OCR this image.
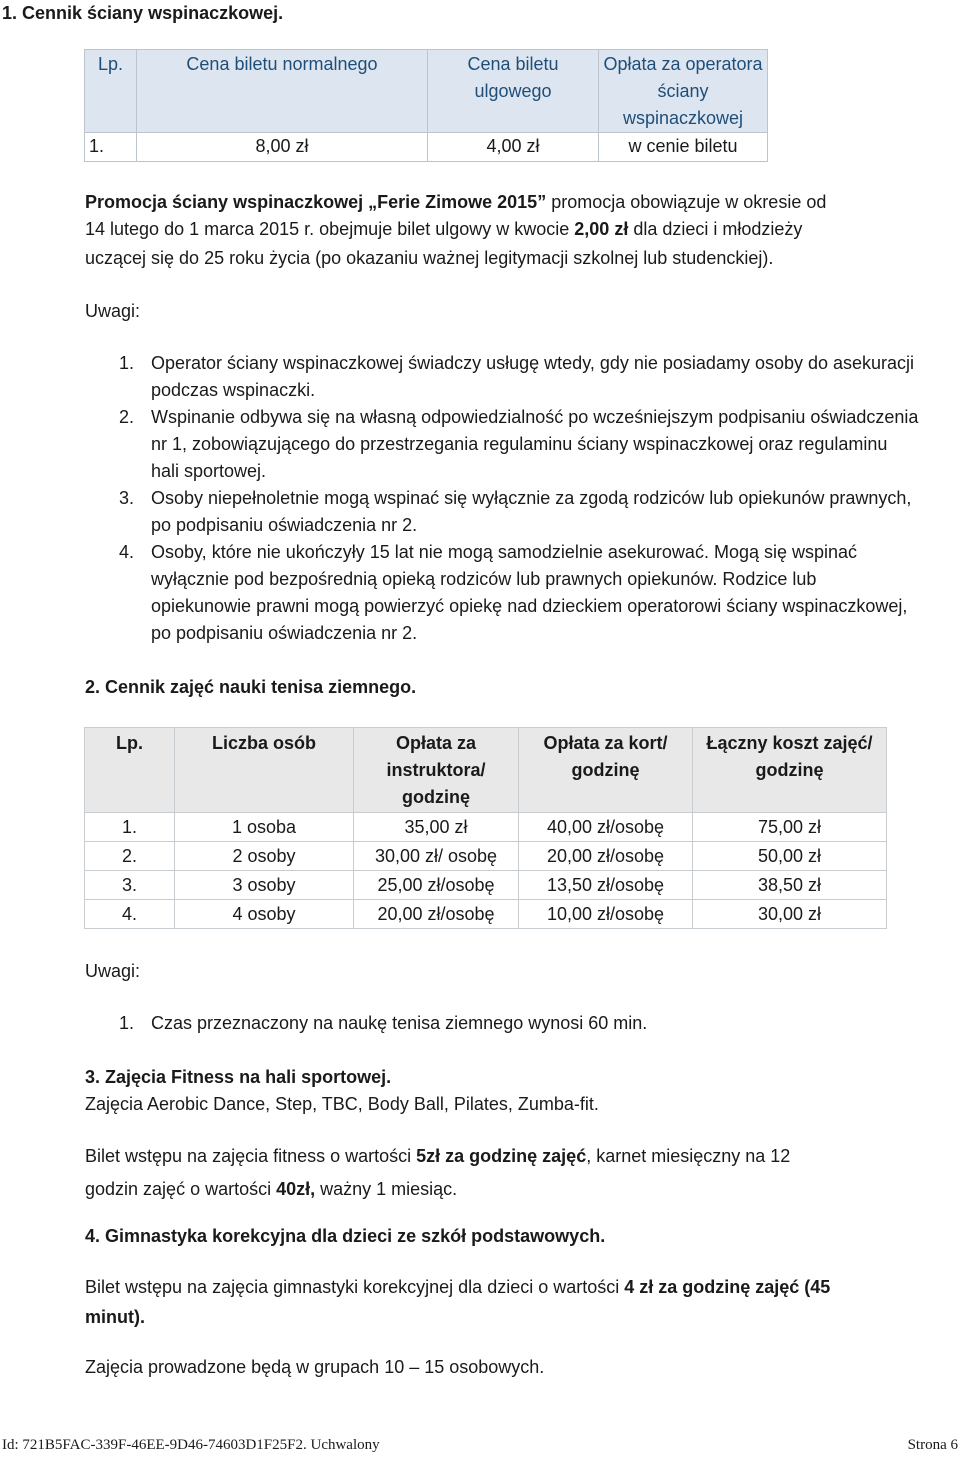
1. Cennik ściany wspinaczkowej.
Lp.	Cena biletu normalnego	Cena biletu ulgowego	Opłata za operatora ściany wspinaczkowej
1.	8,00 zł	4,00 zł	w cenie biletu
Promocja ściany wspinaczkowej „Ferie Zimowe 2015” promocja obowiązuje w okresie od
14 lutego do 1 marca 2015 r. obejmuje bilet ulgowy w kwocie 2,00 zł dla dzieci i młodzieży
uczącej się do 25 roku życia (po okazaniu ważnej legitymacji szkolnej lub studenckiej).
Uwagi:
1. Operator ściany wspinaczkowej świadczy usługę wtedy, gdy nie posiadamy osoby do asekuracji podczas wspinaczki.
2. Wspinanie odbywa się na własną odpowiedzialność po wcześniejszym podpisaniu oświadczenia nr 1, zobowiązującego do przestrzegania regulaminu ściany wspinaczkowej oraz regulaminu hali sportowej.
3. Osoby niepełnoletnie mogą wspinać się wyłącznie za zgodą rodziców lub opiekunów prawnych, po podpisaniu oświadczenia nr 2.
4. Osoby, które nie ukończyły 15 lat nie mogą samodzielnie asekurować. Mogą się wspinać wyłącznie pod bezpośrednią opieką rodziców lub prawnych opiekunów. Rodzice lub opiekunowie prawni mogą powierzyć opiekę nad dzieckiem operatorowi ściany wspinaczkowej, po podpisaniu oświadczenia nr 2.
2. Cennik zajęć nauki tenisa ziemnego.
Lp.	Liczba osób	Opłata za instruktora/ godzinę	Opłata za kort/ godzinę	Łączny koszt zajęć/ godzinę
1.	1 osoba	35,00 zł	40,00 zł/osobę	75,00 zł
2.	2 osoby	30,00 zł/ osobę	20,00 zł/osobę	50,00 zł
3.	3 osoby	25,00 zł/osobę	13,50 zł/osobę	38,50 zł
4.	4 osoby	20,00 zł/osobę	10,00 zł/osobę	30,00 zł
Uwagi:
1. Czas przeznaczony na naukę tenisa ziemnego wynosi 60 min.
3. Zajęcia Fitness na hali sportowej.
Zajęcia Aerobic Dance, Step, TBC, Body Ball, Pilates, Zumba-fit.
Bilet wstępu na zajęcia fitness o wartości 5zł za godzinę zajęć, karnet miesięczny na 12
godzin zajęć o wartości 40zł, ważny 1 miesiąc.
4. Gimnastyka korekcyjna dla dzieci ze szkół podstawowych.
Bilet wstępu na zajęcia gimnastyki korekcyjnej dla dzieci o wartości 4 zł za godzinę zajęć (45
minut).
Zajęcia prowadzone będą w grupach 10 – 15 osobowych.
Id: 721B5FAC-339F-46EE-9D46-74603D1F25F2. Uchwalony	Strona 6
